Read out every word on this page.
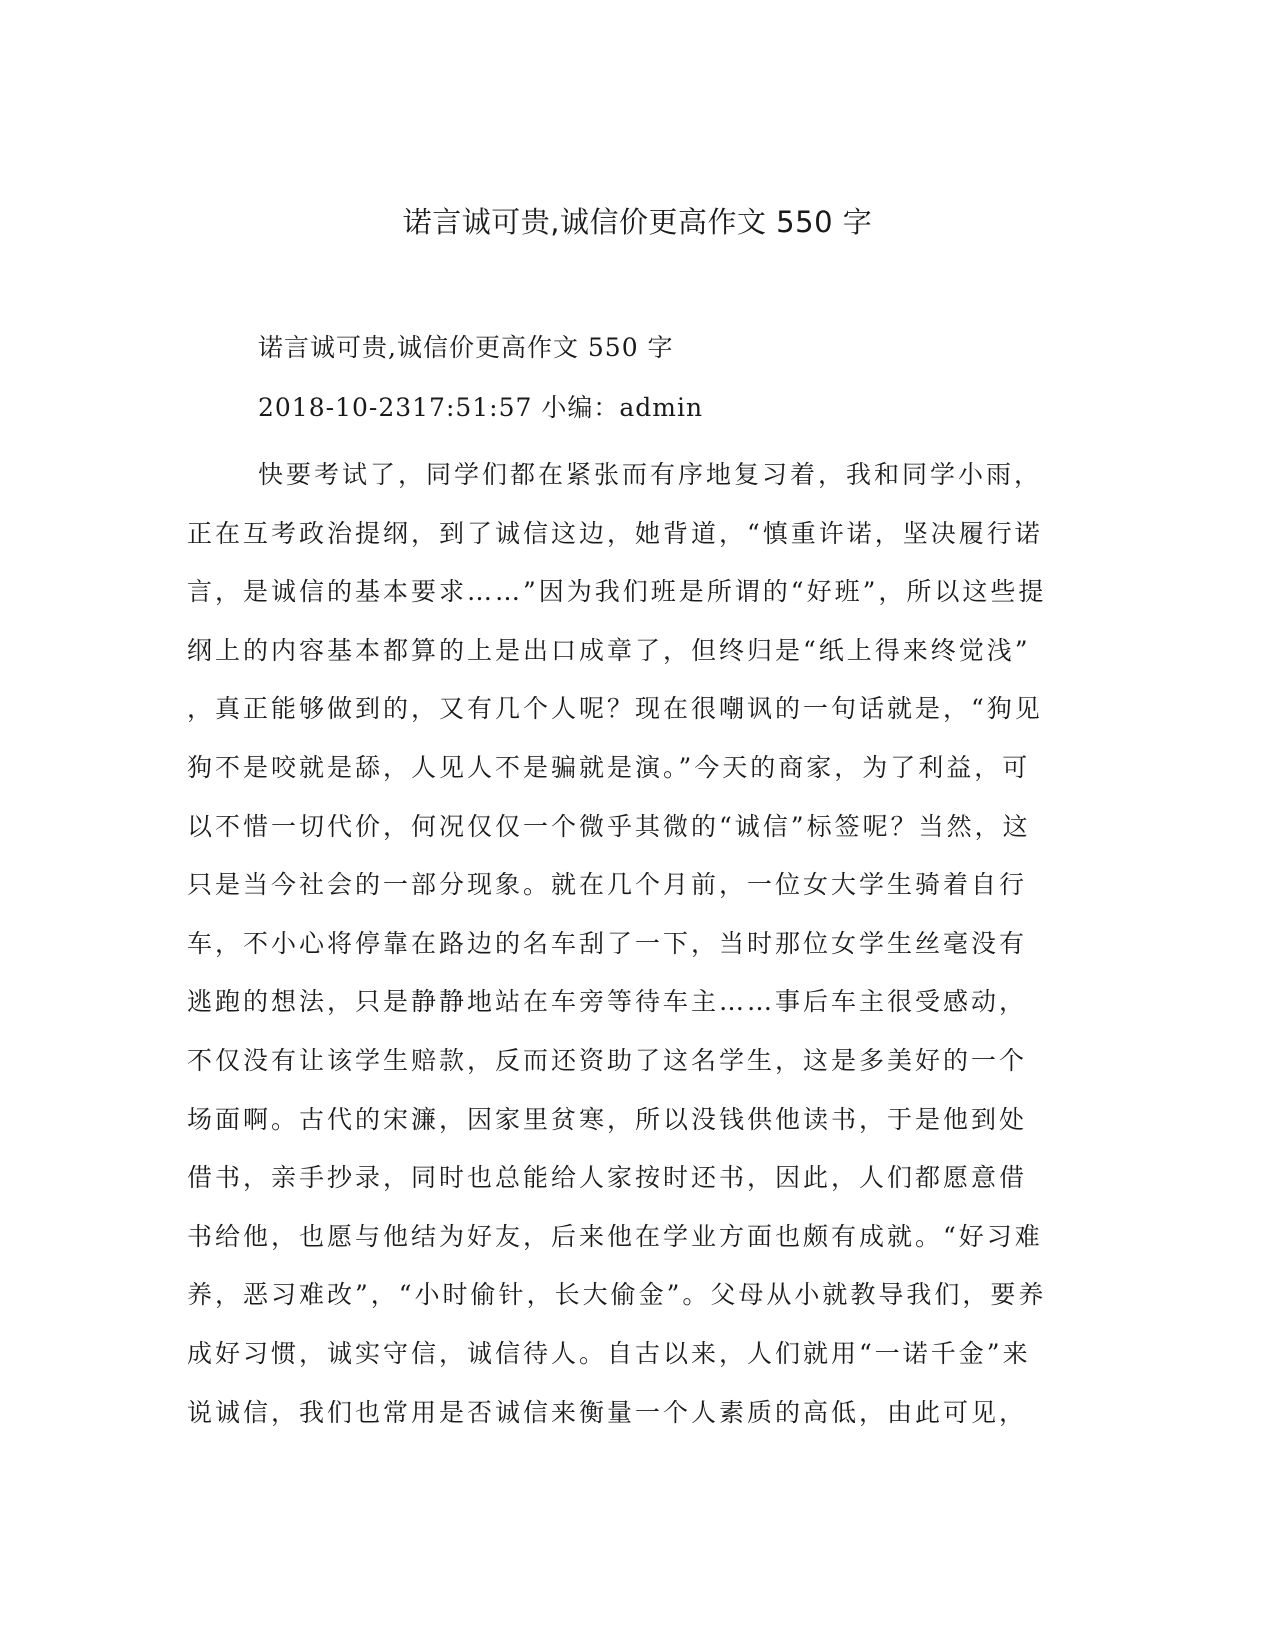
诺言诚可贵,诚信价更高作文 550 字
诺言诚可贵,诚信价更高作文 550 字
2018-10-2317:51:57 小编：admin
快要考试了，同学们都在紧张而有序地复习着，我和同学小雨，
正在互考政治提纲，到了诚信这边，她背道，“慎重许诺，坚决履行诺
言，是诚信的基本要求……”因为我们班是所谓的“好班”，所以这些提
纲上的内容基本都算的上是出口成章了，但终归是“纸上得来终觉浅”
，真正能够做到的，又有几个人呢？现在很嘲讽的一句话就是，“狗见
狗不是咬就是舔，人见人不是骗就是演。”今天的商家，为了利益，可
以不惜一切代价，何况仅仅一个微乎其微的“诚信”标签呢？当然，这
只是当今社会的一部分现象。就在几个月前，一位女大学生骑着自行
车，不小心将停靠在路边的名车刮了一下，当时那位女学生丝毫没有
逃跑的想法，只是静静地站在车旁等待车主……事后车主很受感动，
不仅没有让该学生赔款，反而还资助了这名学生，这是多美好的一个
场面啊。古代的宋濂，因家里贫寒，所以没钱供他读书，于是他到处
借书，亲手抄录，同时也总能给人家按时还书，因此，人们都愿意借
书给他，也愿与他结为好友，后来他在学业方面也颇有成就。“好习难
养，恶习难改”，“小时偷针，长大偷金”。父母从小就教导我们，要养
成好习惯，诚实守信，诚信待人。自古以来，人们就用“一诺千金”来
说诚信，我们也常用是否诚信来衡量一个人素质的高低，由此可见，
